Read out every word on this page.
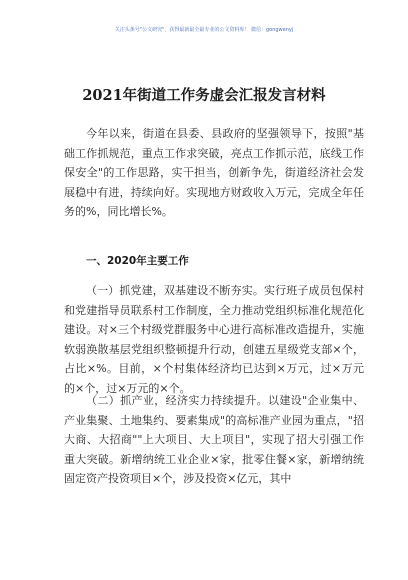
关注头条号"公文研究"，获得最新最全最专业的公文资料库！ 微信：gongwenyj
2021年街道工作务虚会汇报发言材料

今年以来，街道在县委、县政府的坚强领导下，按照"基础工作抓规范，重点工作求突破，亮点工作抓示范，底线工作保安全"的工作思路，实干担当，创新争先，街道经济社会发展稳中有进，持续向好。实现地方财政收入万元，完成全年任务的%，同比增长%。

（一）抓党建，双基建设不断夯实。实行班子成员包保村和党建指导员联系村工作制度，全力推动党组织标准化规范化建设。对×三个村级党群服务中心进行高标准改造提升，实施软弱涣散基层党组织整顿提升行动，创建五星级党支部×个，占比×%。目前，×个村集体经济均已达到×万元，过×万元的×个，过×万元的×个。

（二）抓产业，经济实力持续提升。以建设"企业集中、产业集聚、土地集约、要素集成"的高标准产业园为重点，"招大商、大招商""上大项目、大上项目"，实现了招大引强工作重大突破。新增纳统工业企业×家，批零住餐×家，新增纳统固定资产投资项目×个，涉及投资×亿元，其中

一、2020年主要工作
